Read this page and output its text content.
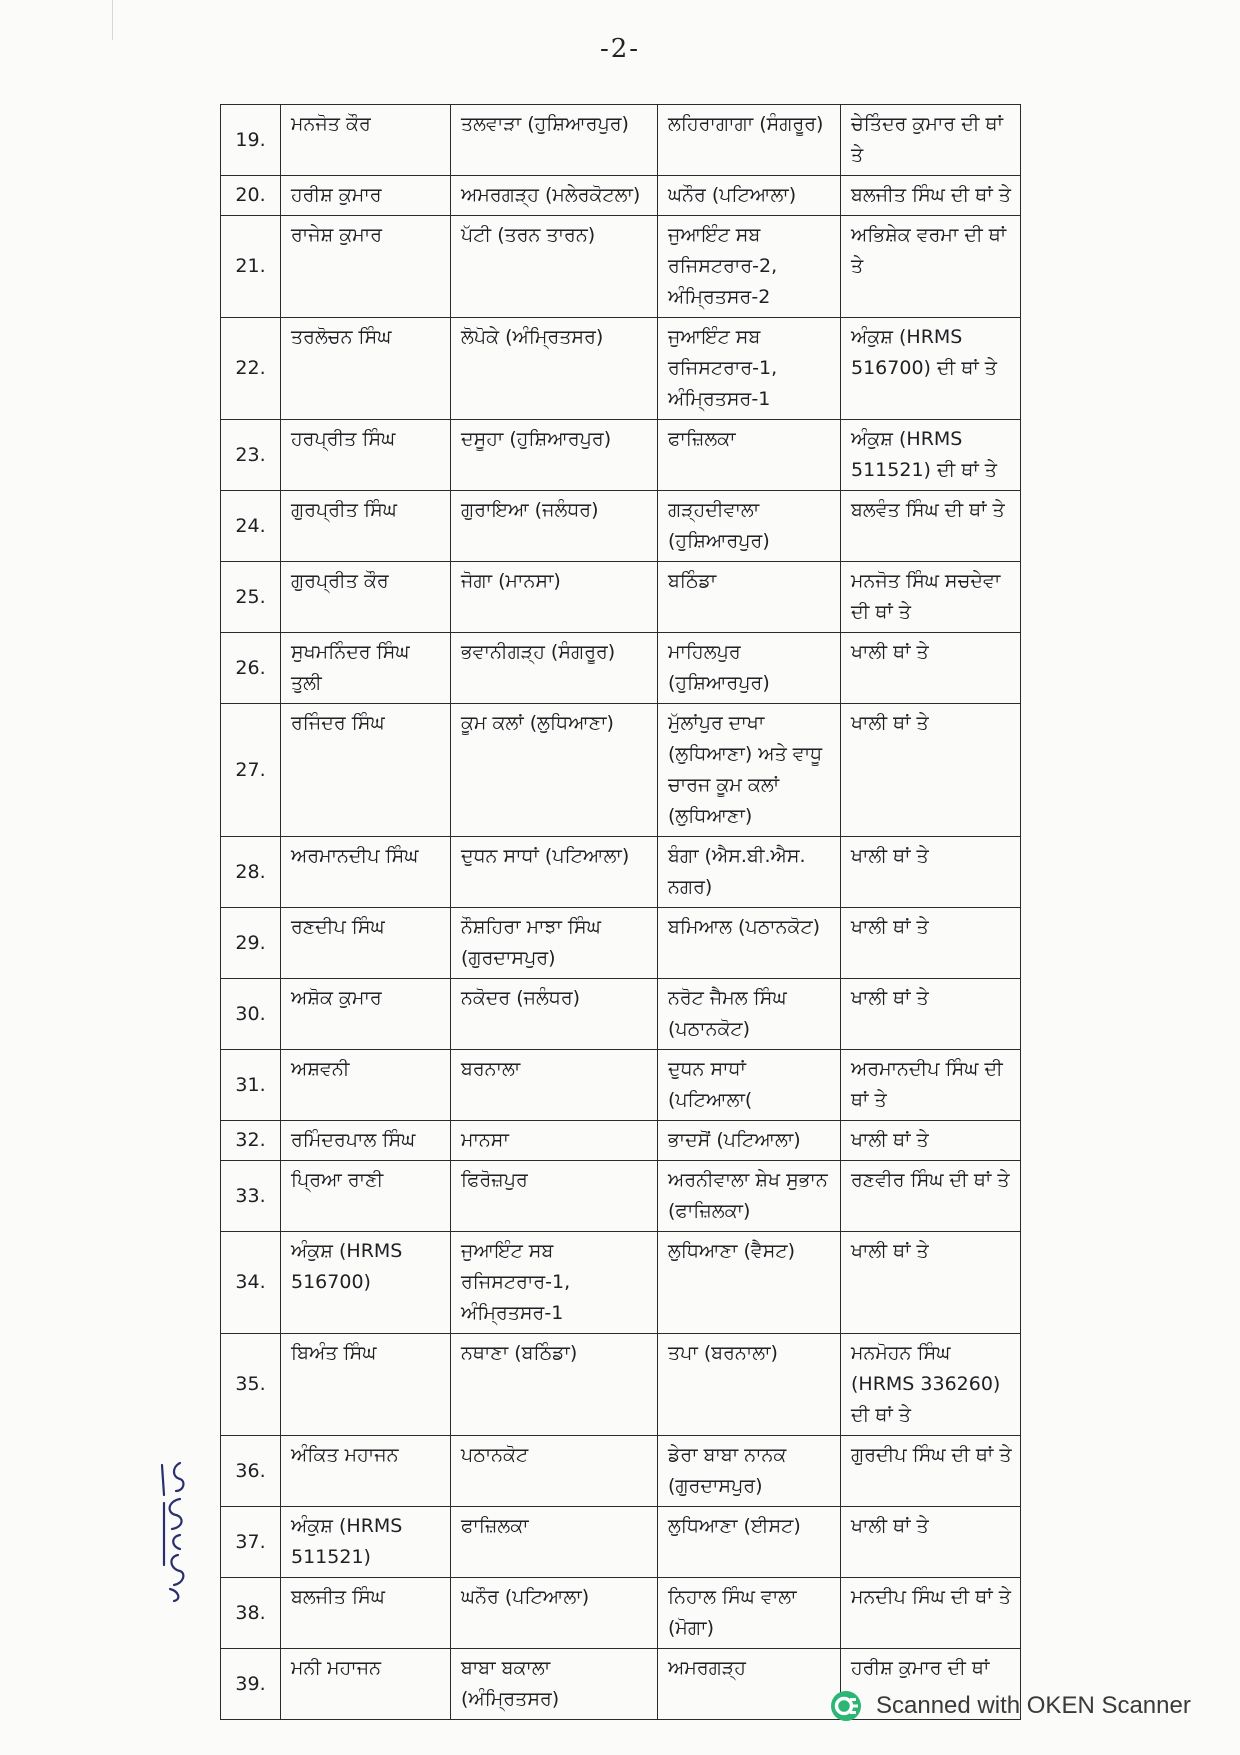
-2-
19.	ਮਨਜੋਤ ਕੌਰ	ਤਲਵਾੜਾ (ਹੁਸ਼ਿਆਰਪੁਰ)	ਲਹਿਰਾਗਾਗਾ (ਸੰਗਰੂਰ)	ਚੇਤਿੰਦਰ ਕੁਮਾਰ ਦੀ ਥਾਂ ਤੇ
20.	ਹਰੀਸ਼ ਕੁਮਾਰ	ਅਮਰਗੜ੍ਹ (ਮਲੇਰਕੋਟਲਾ)	ਘਨੌਰ (ਪਟਿਆਲਾ)	ਬਲਜੀਤ ਸਿੰਘ ਦੀ ਥਾਂ ਤੇ
21.	ਰਾਜੇਸ਼ ਕੁਮਾਰ	ਪੱਟੀ (ਤਰਨ ਤਾਰਨ)	ਜੁਆਇੰਟ ਸਬ ਰਜਿਸਟਰਾਰ-2, ਅੰਮ੍ਰਿਤਸਰ-2	ਅਭਿਸ਼ੇਕ ਵਰਮਾ ਦੀ ਥਾਂ ਤੇ
22.	ਤਰਲੋਚਨ ਸਿੰਘ	ਲੋਪੋਕੇ (ਅੰਮ੍ਰਿਤਸਰ)	ਜੁਆਇੰਟ ਸਬ ਰਜਿਸਟਰਾਰ-1, ਅੰਮ੍ਰਿਤਸਰ-1	ਅੰਕੁਸ਼ (HRMS 516700) ਦੀ ਥਾਂ ਤੇ
23.	ਹਰਪ੍ਰੀਤ ਸਿੰਘ	ਦਸੂਹਾ (ਹੁਸ਼ਿਆਰਪੁਰ)	ਫਾਜ਼ਿਲਕਾ	ਅੰਕੁਸ਼ (HRMS 511521) ਦੀ ਥਾਂ ਤੇ
24.	ਗੁਰਪ੍ਰੀਤ ਸਿੰਘ	ਗੁਰਾਇਆ (ਜਲੰਧਰ)	ਗੜ੍ਹਦੀਵਾਲਾ (ਹੁਸ਼ਿਆਰਪੁਰ)	ਬਲਵੰਤ ਸਿੰਘ ਦੀ ਥਾਂ ਤੇ
25.	ਗੁਰਪ੍ਰੀਤ ਕੌਰ	ਜੋਗਾ (ਮਾਨਸਾ)	ਬਠਿੰਡਾ	ਮਨਜੋਤ ਸਿੰਘ ਸਚਦੇਵਾ ਦੀ ਥਾਂ ਤੇ
26.	ਸੁਖਮਨਿੰਦਰ ਸਿੰਘ ਤੁਲੀ	ਭਵਾਨੀਗੜ੍ਹ (ਸੰਗਰੂਰ)	ਮਾਹਿਲਪੁਰ (ਹੁਸ਼ਿਆਰਪੁਰ)	ਖਾਲੀ ਥਾਂ ਤੇ
27.	ਰਜਿੰਦਰ ਸਿੰਘ	ਕੂਮ ਕਲਾਂ (ਲੁਧਿਆਣਾ)	ਮੁੱਲਾਂਪੁਰ ਦਾਖਾ (ਲੁਧਿਆਣਾ) ਅਤੇ ਵਾਧੂ ਚਾਰਜ ਕੂਮ ਕਲਾਂ (ਲੁਧਿਆਣਾ)	ਖਾਲੀ ਥਾਂ ਤੇ
28.	ਅਰਮਾਨਦੀਪ ਸਿੰਘ	ਦੁਧਨ ਸਾਧਾਂ (ਪਟਿਆਲਾ)	ਬੰਗਾ (ਐਸ.ਬੀ.ਐਸ. ਨਗਰ)	ਖਾਲੀ ਥਾਂ ਤੇ
29.	ਰਣਦੀਪ ਸਿੰਘ	ਨੌਸ਼ਹਿਰਾ ਮਾਝਾ ਸਿੰਘ (ਗੁਰਦਾਸਪੁਰ)	ਬਮਿਆਲ (ਪਠਾਨਕੋਟ)	ਖਾਲੀ ਥਾਂ ਤੇ
30.	ਅਸ਼ੋਕ ਕੁਮਾਰ	ਨਕੋਦਰ (ਜਲੰਧਰ)	ਨਰੋਟ ਜੈਮਲ ਸਿੰਘ (ਪਠਾਨਕੋਟ)	ਖਾਲੀ ਥਾਂ ਤੇ
31.	ਅਸ਼ਵਨੀ	ਬਰਨਾਲਾ	ਦੁਧਨ ਸਾਧਾਂ (ਪਟਿਆਲਾ(	ਅਰਮਾਨਦੀਪ ਸਿੰਘ ਦੀ ਥਾਂ ਤੇ
32.	ਰਮਿੰਦਰਪਾਲ ਸਿੰਘ	ਮਾਨਸਾ	ਭਾਦਸੋਂ (ਪਟਿਆਲਾ)	ਖਾਲੀ ਥਾਂ ਤੇ
33.	ਪ੍ਰਿਆ ਰਾਣੀ	ਫਿਰੋਜ਼ਪੁਰ	ਅਰਨੀਵਾਲਾ ਸ਼ੇਖ ਸੁਭਾਨ (ਫਾਜ਼ਿਲਕਾ)	ਰਣਵੀਰ ਸਿੰਘ ਦੀ ਥਾਂ ਤੇ
34.	ਅੰਕੁਸ਼ (HRMS 516700)	ਜੁਆਇੰਟ ਸਬ ਰਜਿਸਟਰਾਰ-1, ਅੰਮ੍ਰਿਤਸਰ-1	ਲੁਧਿਆਣਾ (ਵੈਸਟ)	ਖਾਲੀ ਥਾਂ ਤੇ
35.	ਬਿਅੰਤ ਸਿੰਘ	ਨਥਾਣਾ (ਬਠਿੰਡਾ)	ਤਪਾ (ਬਰਨਾਲਾ)	ਮਨਮੋਹਨ ਸਿੰਘ (HRMS 336260) ਦੀ ਥਾਂ ਤੇ
36.	ਅੰਕਿਤ ਮਹਾਜਨ	ਪਠਾਨਕੋਟ	ਡੇਰਾ ਬਾਬਾ ਨਾਨਕ (ਗੁਰਦਾਸਪੁਰ)	ਗੁਰਦੀਪ ਸਿੰਘ ਦੀ ਥਾਂ ਤੇ
37.	ਅੰਕੁਸ਼ (HRMS 511521)	ਫਾਜ਼ਿਲਕਾ	ਲੁਧਿਆਣਾ (ਈਸਟ)	ਖਾਲੀ ਥਾਂ ਤੇ
38.	ਬਲਜੀਤ ਸਿੰਘ	ਘਨੌਰ (ਪਟਿਆਲਾ)	ਨਿਹਾਲ ਸਿੰਘ ਵਾਲਾ (ਮੋਗਾ)	ਮਨਦੀਪ ਸਿੰਘ ਦੀ ਥਾਂ ਤੇ
39.	ਮਨੀ ਮਹਾਜਨ	ਬਾਬਾ ਬਕਾਲਾ (ਅੰਮ੍ਰਿਤਸਰ)	ਅਮਰਗੜ੍ਹ	ਹਰੀਸ਼ ਕੁਮਾਰ ਦੀ ਥਾਂ
Scanned with OKEN Scanner
